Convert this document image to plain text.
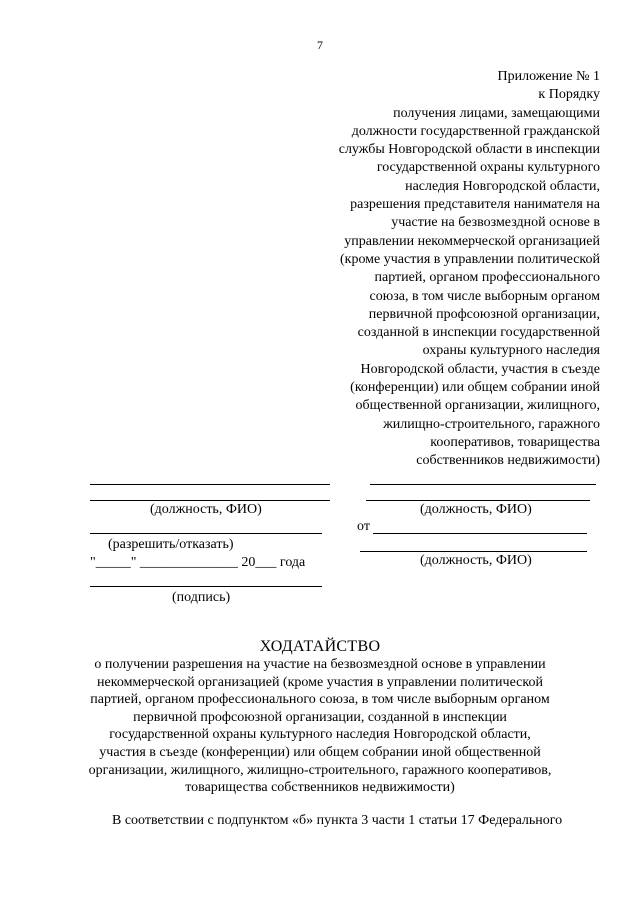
7
Приложение № 1
к Порядку
получения лицами, замещающими
должности государственной гражданской
службы Новгородской области в инспекции
государственной охраны культурного
наследия Новгородской области,
разрешения представителя нанимателя на
участие на безвозмездной основе в
управлении некоммерческой организацией
(кроме участия в управлении политической
партией, органом профессионального
союза, в том числе выборным органом
первичной профсоюзной организации,
созданной в инспекции государственной
охраны культурного наследия
Новгородской области, участия в съезде
(конференции) или общем собрании иной
общественной организации, жилищного,
жилищно-строительного, гаражного
кооперативов, товарищества
собственников недвижимости)
(должность, ФИО)
(разрешить/отказать)
"_____" ______________ 20___ года
(подпись)
(должность, ФИО)
от
(должность, ФИО)
ХОДАТАЙСТВО
о получении разрешения на участие на безвозмездной основе в управлении
некоммерческой организацией (кроме участия в управлении политической
партией, органом профессионального союза, в том числе выборным органом
первичной профсоюзной организации, созданной в инспекции
государственной охраны культурного наследия Новгородской области,
участия в съезде (конференции) или общем собрании иной общественной
организации, жилищного, жилищно-строительного, гаражного кооперативов,
товарищества собственников недвижимости)
В соответствии с подпунктом «б» пункта 3 части 1 статьи 17 Федерального
